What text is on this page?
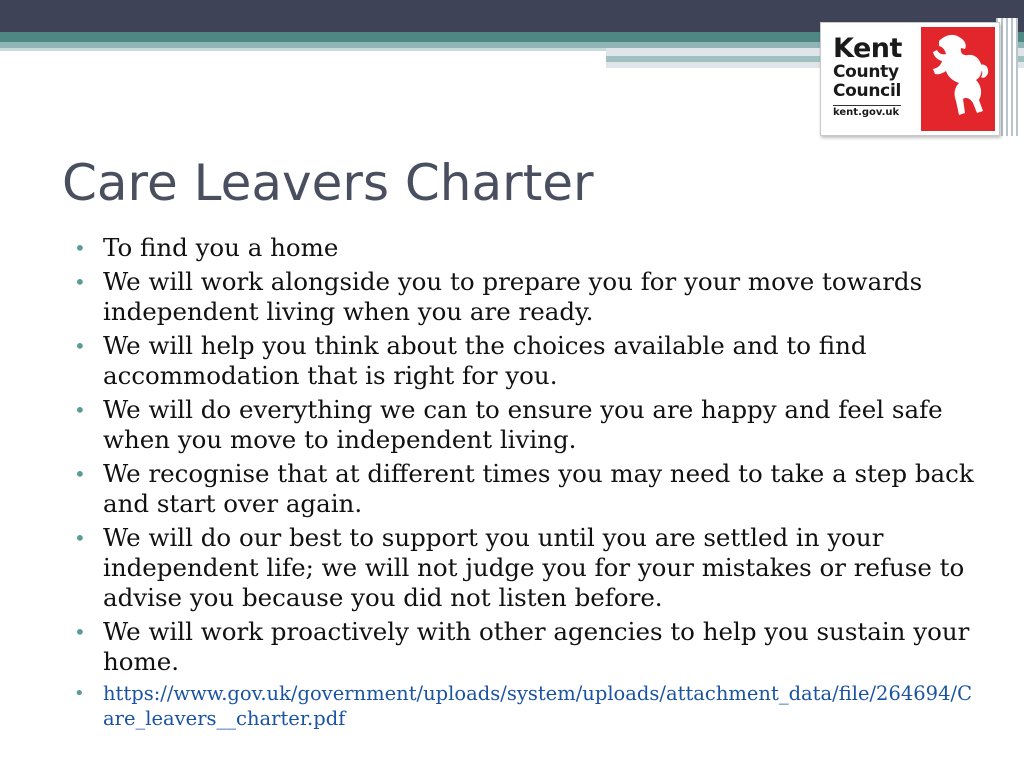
Kent
County
Council
kent.gov.uk
Care Leavers Charter
• To find you a home
• We will work alongside you to prepare you for your move towards independent living when you are ready.
• We will help you think about the choices available and to find accommodation that is right for you.
• We will do everything we can to ensure you are happy and feel safe when you move to independent living.
• We recognise that at different times you may need to take a step back and start over again.
• We will do our best to support you until you are settled in your independent life; we will not judge you for your mistakes or refuse to advise you because you did not listen before.
• We will work proactively with other agencies to help you sustain your home.
• https://www.gov.uk/government/uploads/system/uploads/attachment_data/file/264694/Care_leavers__charter.pdf
